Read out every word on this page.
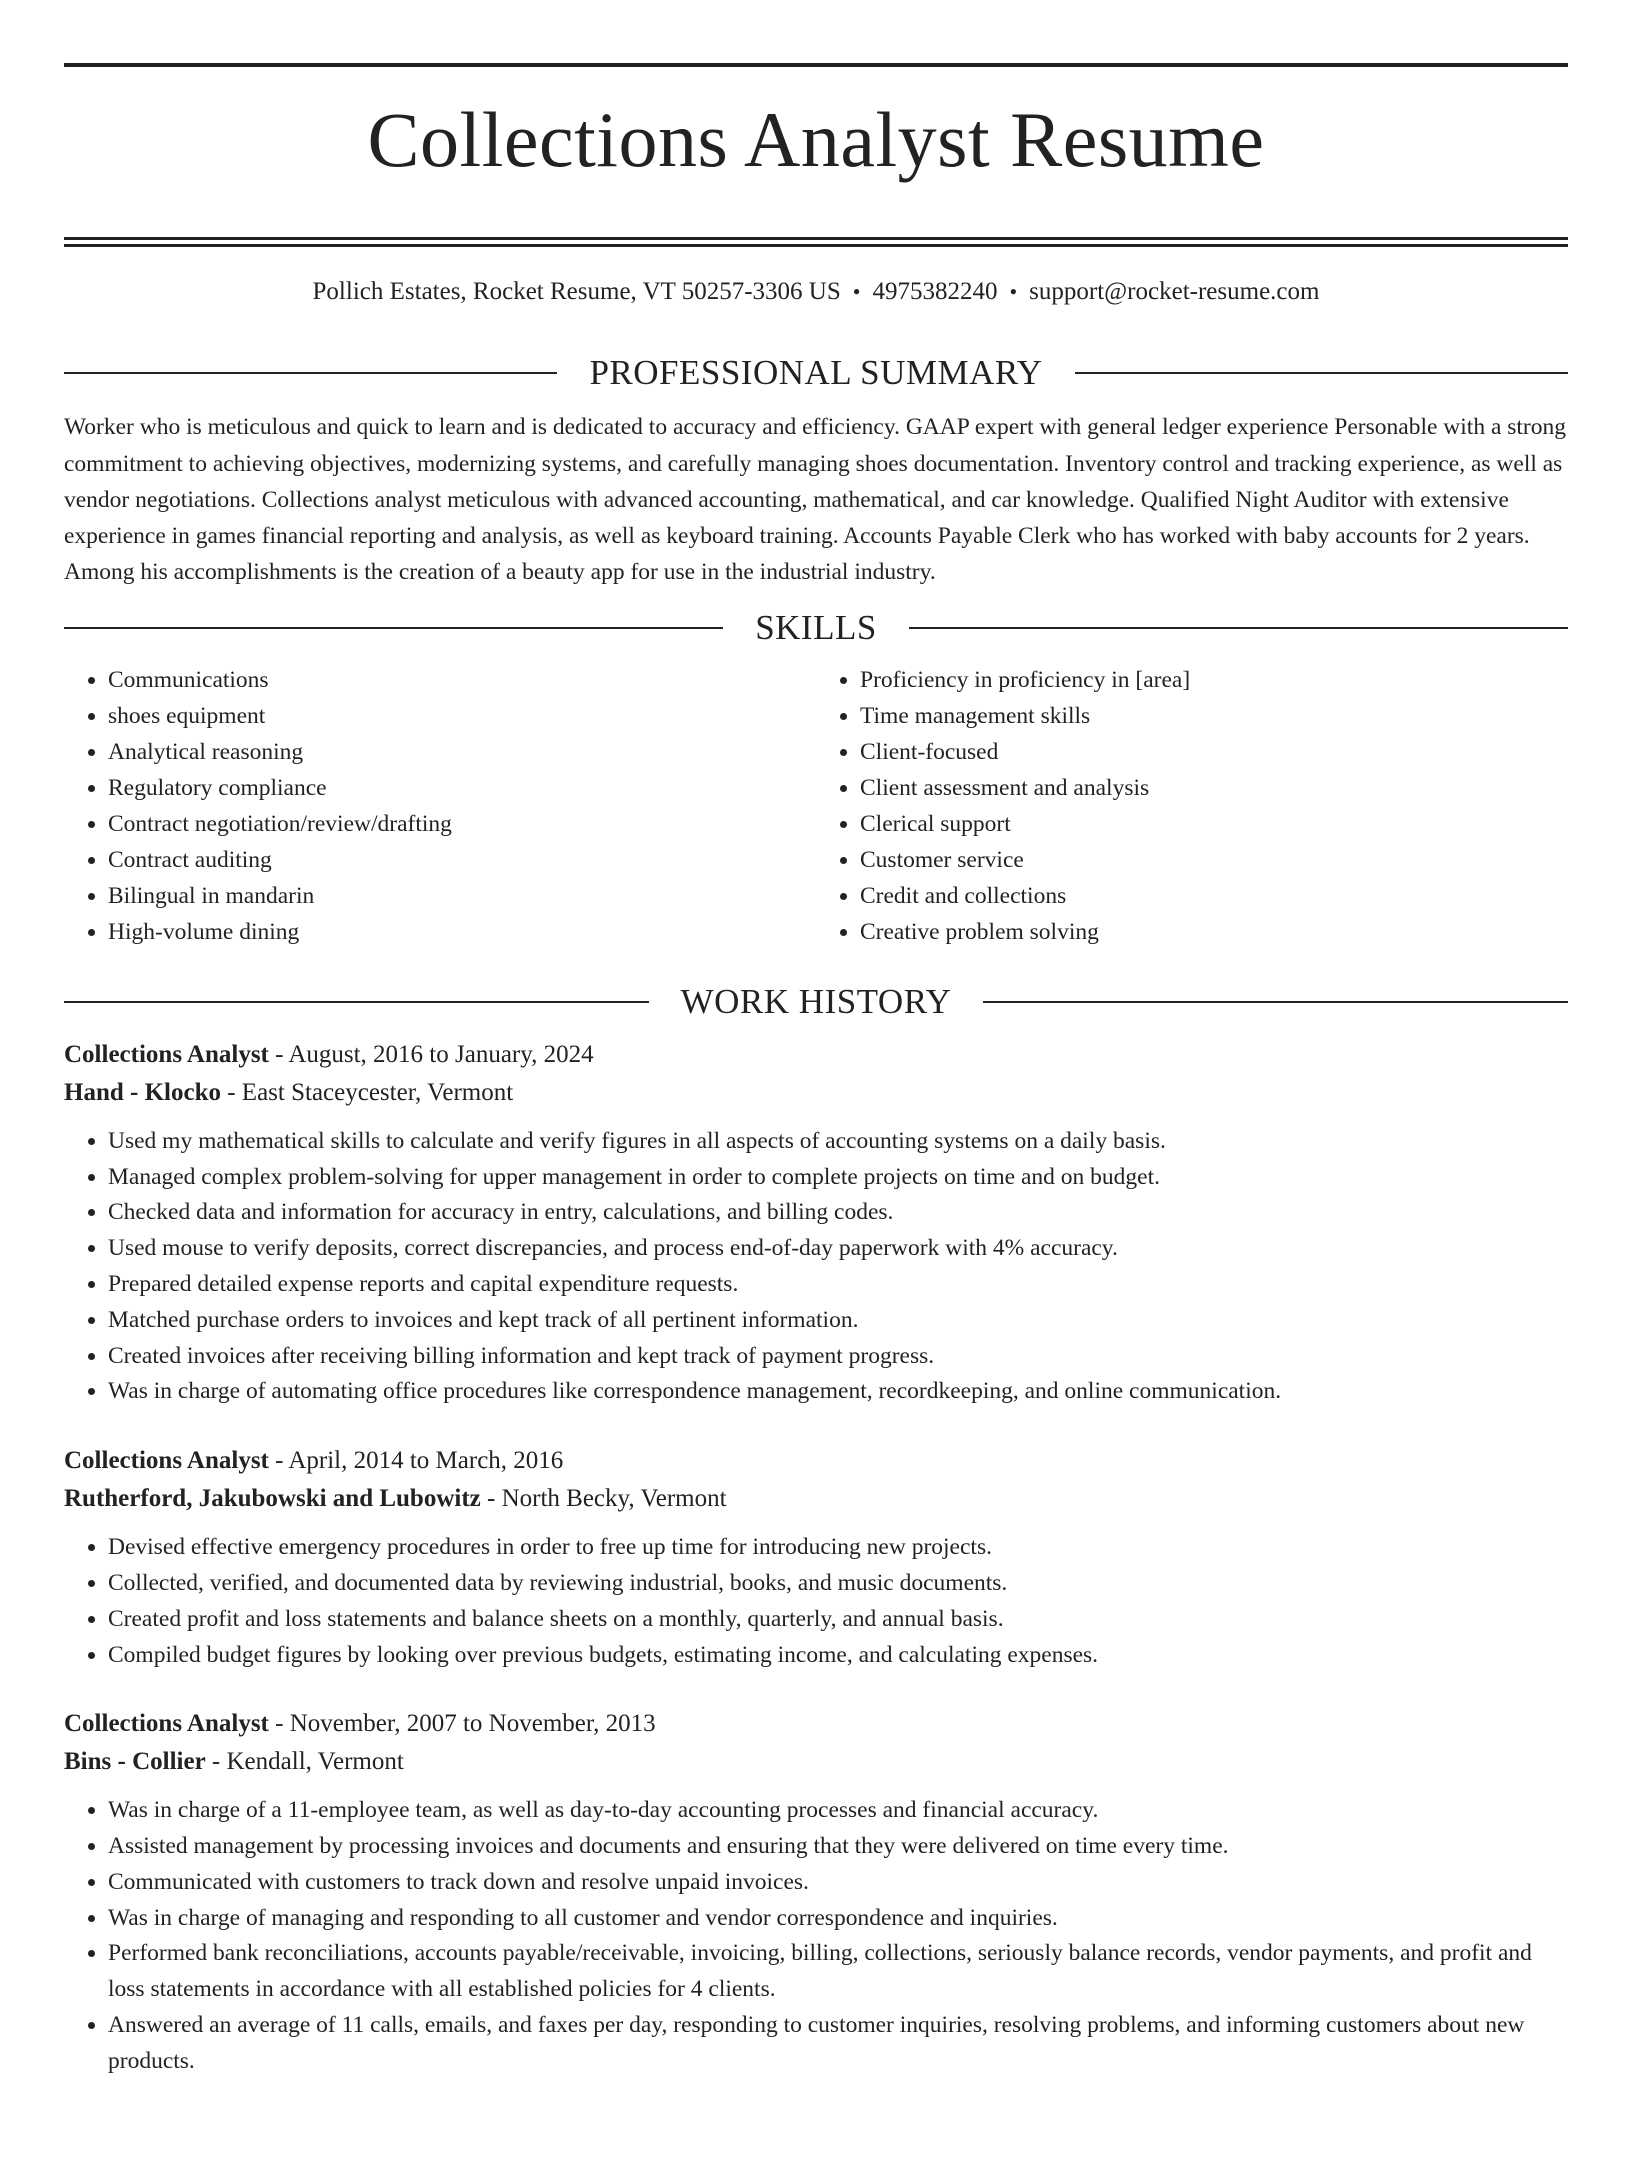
Collections Analyst Resume
Pollich Estates, Rocket Resume, VT 50257-3306 US • 4975382240 • support@rocket-resume.com
PROFESSIONAL SUMMARY

Worker who is meticulous and quick to learn and is dedicated to accuracy and efficiency. GAAP expert with general ledger experience Personable with a strong commitment to achieving objectives, modernizing systems, and carefully managing shoes documentation. Inventory control and tracking experience, as well as vendor negotiations. Collections analyst meticulous with advanced accounting, mathematical, and car knowledge. Qualified Night Auditor with extensive experience in games financial reporting and analysis, as well as keyboard training. Accounts Payable Clerk who has worked with baby accounts for 2 years. Among his accomplishments is the creation of a beauty app for use in the industrial industry.

SKILLS
• Communications
• shoes equipment
• Analytical reasoning
• Regulatory compliance
• Contract negotiation/review/drafting
• Contract auditing
• Bilingual in mandarin
• High-volume dining
• Proficiency in proficiency in [area]
• Time management skills
• Client-focused
• Client assessment and analysis
• Clerical support
• Customer service
• Credit and collections
• Creative problem solving
WORK HISTORY
Collections Analyst - August, 2016 to January, 2024
Hand - Klocko - East Staceycester, Vermont
• Used my mathematical skills to calculate and verify figures in all aspects of accounting systems on a daily basis.
• Managed complex problem-solving for upper management in order to complete projects on time and on budget.
• Checked data and information for accuracy in entry, calculations, and billing codes.
• Used mouse to verify deposits, correct discrepancies, and process end-of-day paperwork with 4% accuracy.
• Prepared detailed expense reports and capital expenditure requests.
• Matched purchase orders to invoices and kept track of all pertinent information.
• Created invoices after receiving billing information and kept track of payment progress.
• Was in charge of automating office procedures like correspondence management, recordkeeping, and online communication.
Collections Analyst - April, 2014 to March, 2016
Rutherford, Jakubowski and Lubowitz - North Becky, Vermont
• Devised effective emergency procedures in order to free up time for introducing new projects.
• Collected, verified, and documented data by reviewing industrial, books, and music documents.
• Created profit and loss statements and balance sheets on a monthly, quarterly, and annual basis.
• Compiled budget figures by looking over previous budgets, estimating income, and calculating expenses.
Collections Analyst - November, 2007 to November, 2013
Bins - Collier - Kendall, Vermont
• Was in charge of a 11-employee team, as well as day-to-day accounting processes and financial accuracy.
• Assisted management by processing invoices and documents and ensuring that they were delivered on time every time.
• Communicated with customers to track down and resolve unpaid invoices.
• Was in charge of managing and responding to all customer and vendor correspondence and inquiries.
• Performed bank reconciliations, accounts payable/receivable, invoicing, billing, collections, seriously balance records, vendor payments, and profit and loss statements in accordance with all established policies for 4 clients.
• Answered an average of 11 calls, emails, and faxes per day, responding to customer inquiries, resolving problems, and informing customers about new products.
